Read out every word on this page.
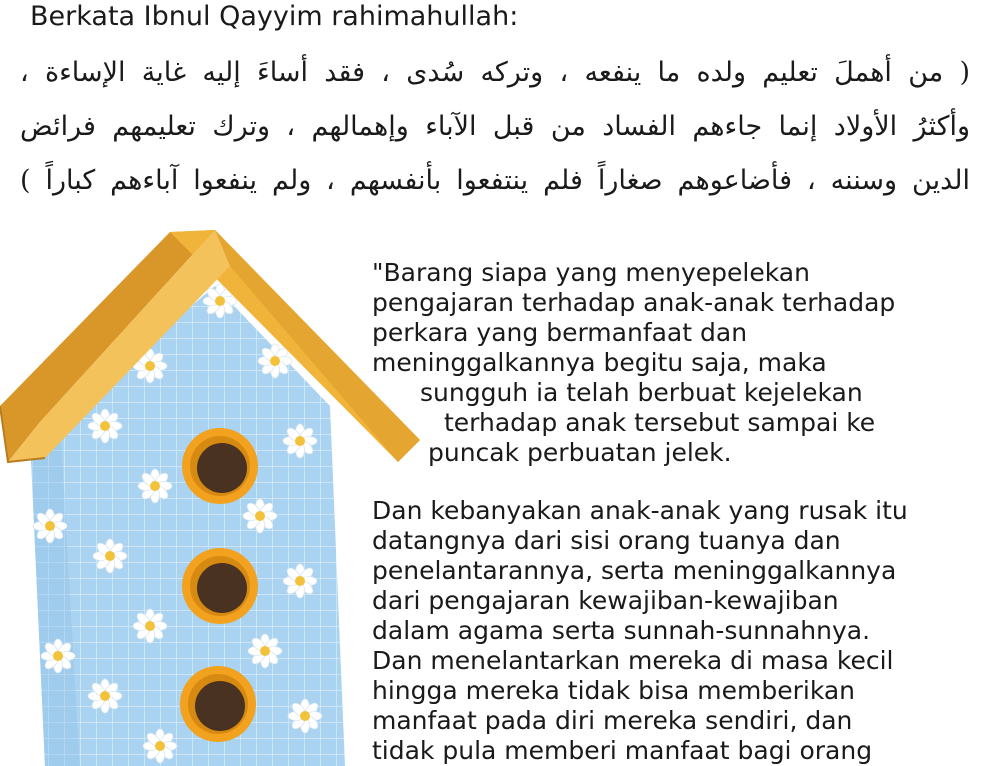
Berkata Ibnul Qayyim rahimahullah:
( من أهملَ تعليم ولده ما ينفعه ، وتركه سُدى ، فقد أساءَ إليه غاية الإساءة ،
وأكثرُ الأولاد إنما جاءهم الفساد من قبل الآباء وإهمالهم ، وترك تعليمهم فرائض
الدين وسننه ، فأضاعوهم صغاراً فلم ينتفعوا بأنفسهم ، ولم ينفعوا آباءهم كباراً )
"Barang siapa yang menyepelekan
pengajaran terhadap anak-anak terhadap
perkara yang bermanfaat dan
meninggalkannya begitu saja, maka
sungguh ia telah berbuat kejelekan
terhadap anak tersebut sampai ke
puncak perbuatan jelek.
Dan kebanyakan anak-anak yang rusak itu
datangnya dari sisi orang tuanya dan
penelantarannya, serta meninggalkannya
dari pengajaran kewajiban-kewajiban
dalam agama serta sunnah-sunnahnya.
Dan menelantarkan mereka di masa kecil
hingga mereka tidak bisa memberikan
manfaat pada diri mereka sendiri, dan
tidak pula memberi manfaat bagi orang
